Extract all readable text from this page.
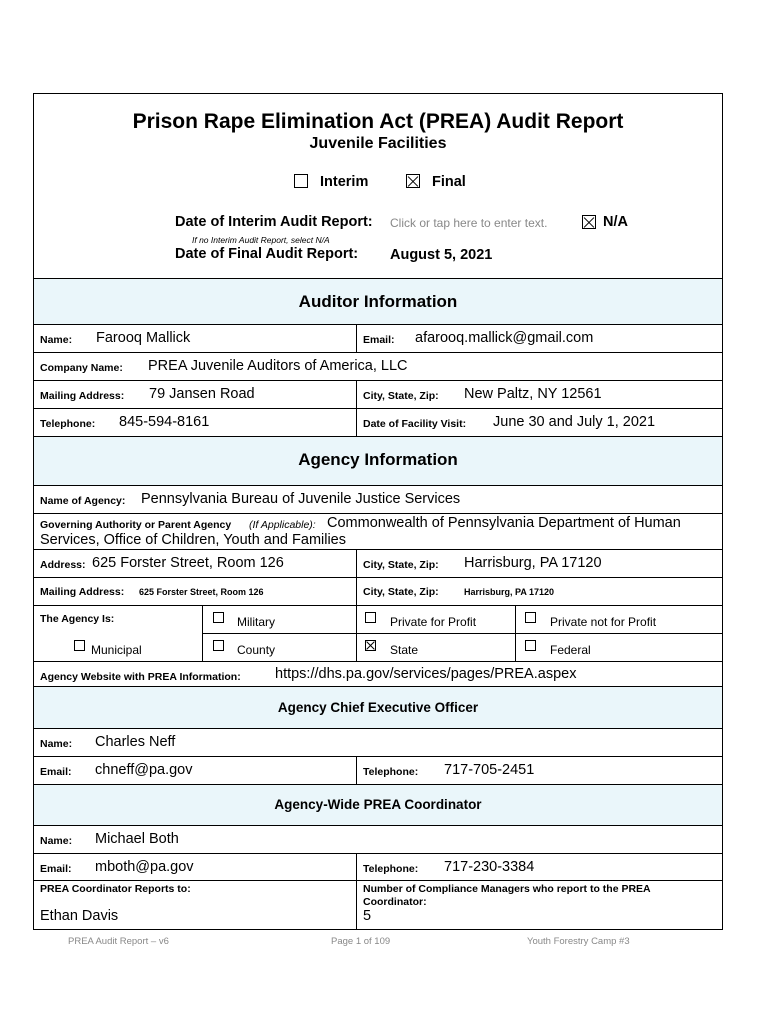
Prison Rape Elimination Act (PREA) Audit Report
Juvenile Facilities
Interim	Final
Date of Interim Audit Report: Click or tap here to enter text.	N/A
If no Interim Audit Report, select N/A
Date of Final Audit Report: August 5, 2021
Auditor Information
Name: Farooq Mallick	Email: afarooq.mallick@gmail.com
Company Name: PREA Juvenile Auditors of America, LLC
Mailing Address: 79 Jansen Road	City, State, Zip: New Paltz, NY 12561
Telephone: 845-594-8161	Date of Facility Visit: June 30 and July 1, 2021
Agency Information
Name of Agency: Pennsylvania Bureau of Juvenile Justice Services
Governing Authority or Parent Agency (If Applicable): Commonwealth of Pennsylvania Department of Human
Services, Office of Children, Youth and Families
Address: 625 Forster Street, Room 126	City, State, Zip: Harrisburg, PA 17120
Mailing Address: 625 Forster Street, Room 126	City, State, Zip:	Harrisburg, PA 17120
The Agency Is:	Military	Private for Profit	Private not for Profit
Municipal	County	State	Federal
Agency Website with PREA Information: https://dhs.pa.gov/services/pages/PREA.aspex
Agency Chief Executive Officer
Name: Charles Neff
Email: chneff@pa.gov	Telephone: 717-705-2451
Agency-Wide PREA Coordinator
Name: Michael Both
Email: mboth@pa.gov	Telephone: 717-230-3384
PREA Coordinator Reports to:
Ethan Davis
Number of Compliance Managers who report to the PREA
Coordinator:
5
PREA Audit Report – v6	Page 1 of 109	Youth Forestry Camp #3
